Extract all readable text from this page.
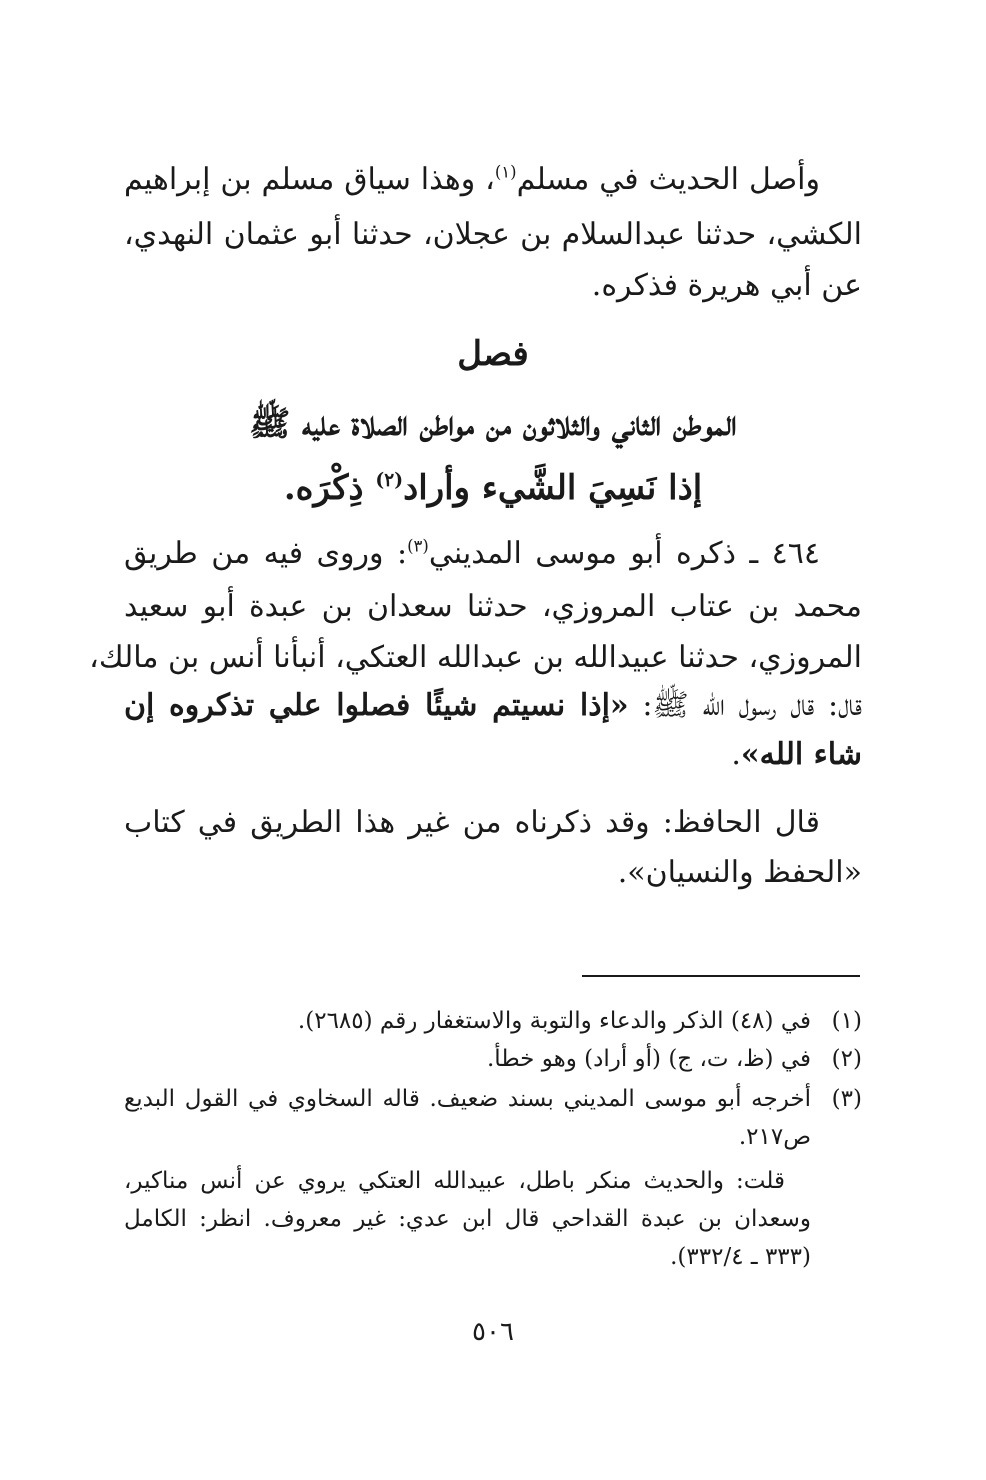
وأصل الحديث في مسلم$^{(١)}$، وهذا سياق مسلم بن إبراهيم
الكشي، حدثنا عبدالسلام بن عجلان، حدثنا أبو عثمان النهدي،
عن أبي هريرة فذكره.
فصل
الموطن الثاني والثلاثون من مواطن الصلاة عليه ﷺ
إذا نَسِيَ الشَّيء وأراد$^{(٢)}$ ذِكْرَه.
٤٦٤ ـ ذكره أبو موسى المديني$^{(٣)}$: وروى فيه من طريق
محمد بن عتاب المروزي، حدثنا سعدان بن عبدة أبو سعيد
المروزي، حدثنا عبيدالله بن عبدالله العتكي، أنبأنا أنس بن مالك،
قال: قال رسول الله ﷺ: «إذا نسيتم شيئًا فصلوا علي تذكروه إن
شاء الله».
قال الحافظ: وقد ذكرناه من غير هذا الطريق في كتاب
«الحفظ والنسيان».
(١)
في (٤٨) الذكر والدعاء والتوبة والاستغفار رقم (٢٦٨٥).
(٢)
في (ظ، ت، ج) (أو أراد) وهو خطأ.
(٣)
أخرجه أبو موسى المديني بسند ضعيف. قاله السخاوي في القول البديع
ص٢١٧.
قلت: والحديث منكر باطل، عبيدالله العتكي يروي عن أنس مناكير،
وسعدان بن عبدة القداحي قال ابن عدي: غير معروف. انظر: الكامل
(٣٣٣ ـ ٣٣٢/٤).
٥٠٦
